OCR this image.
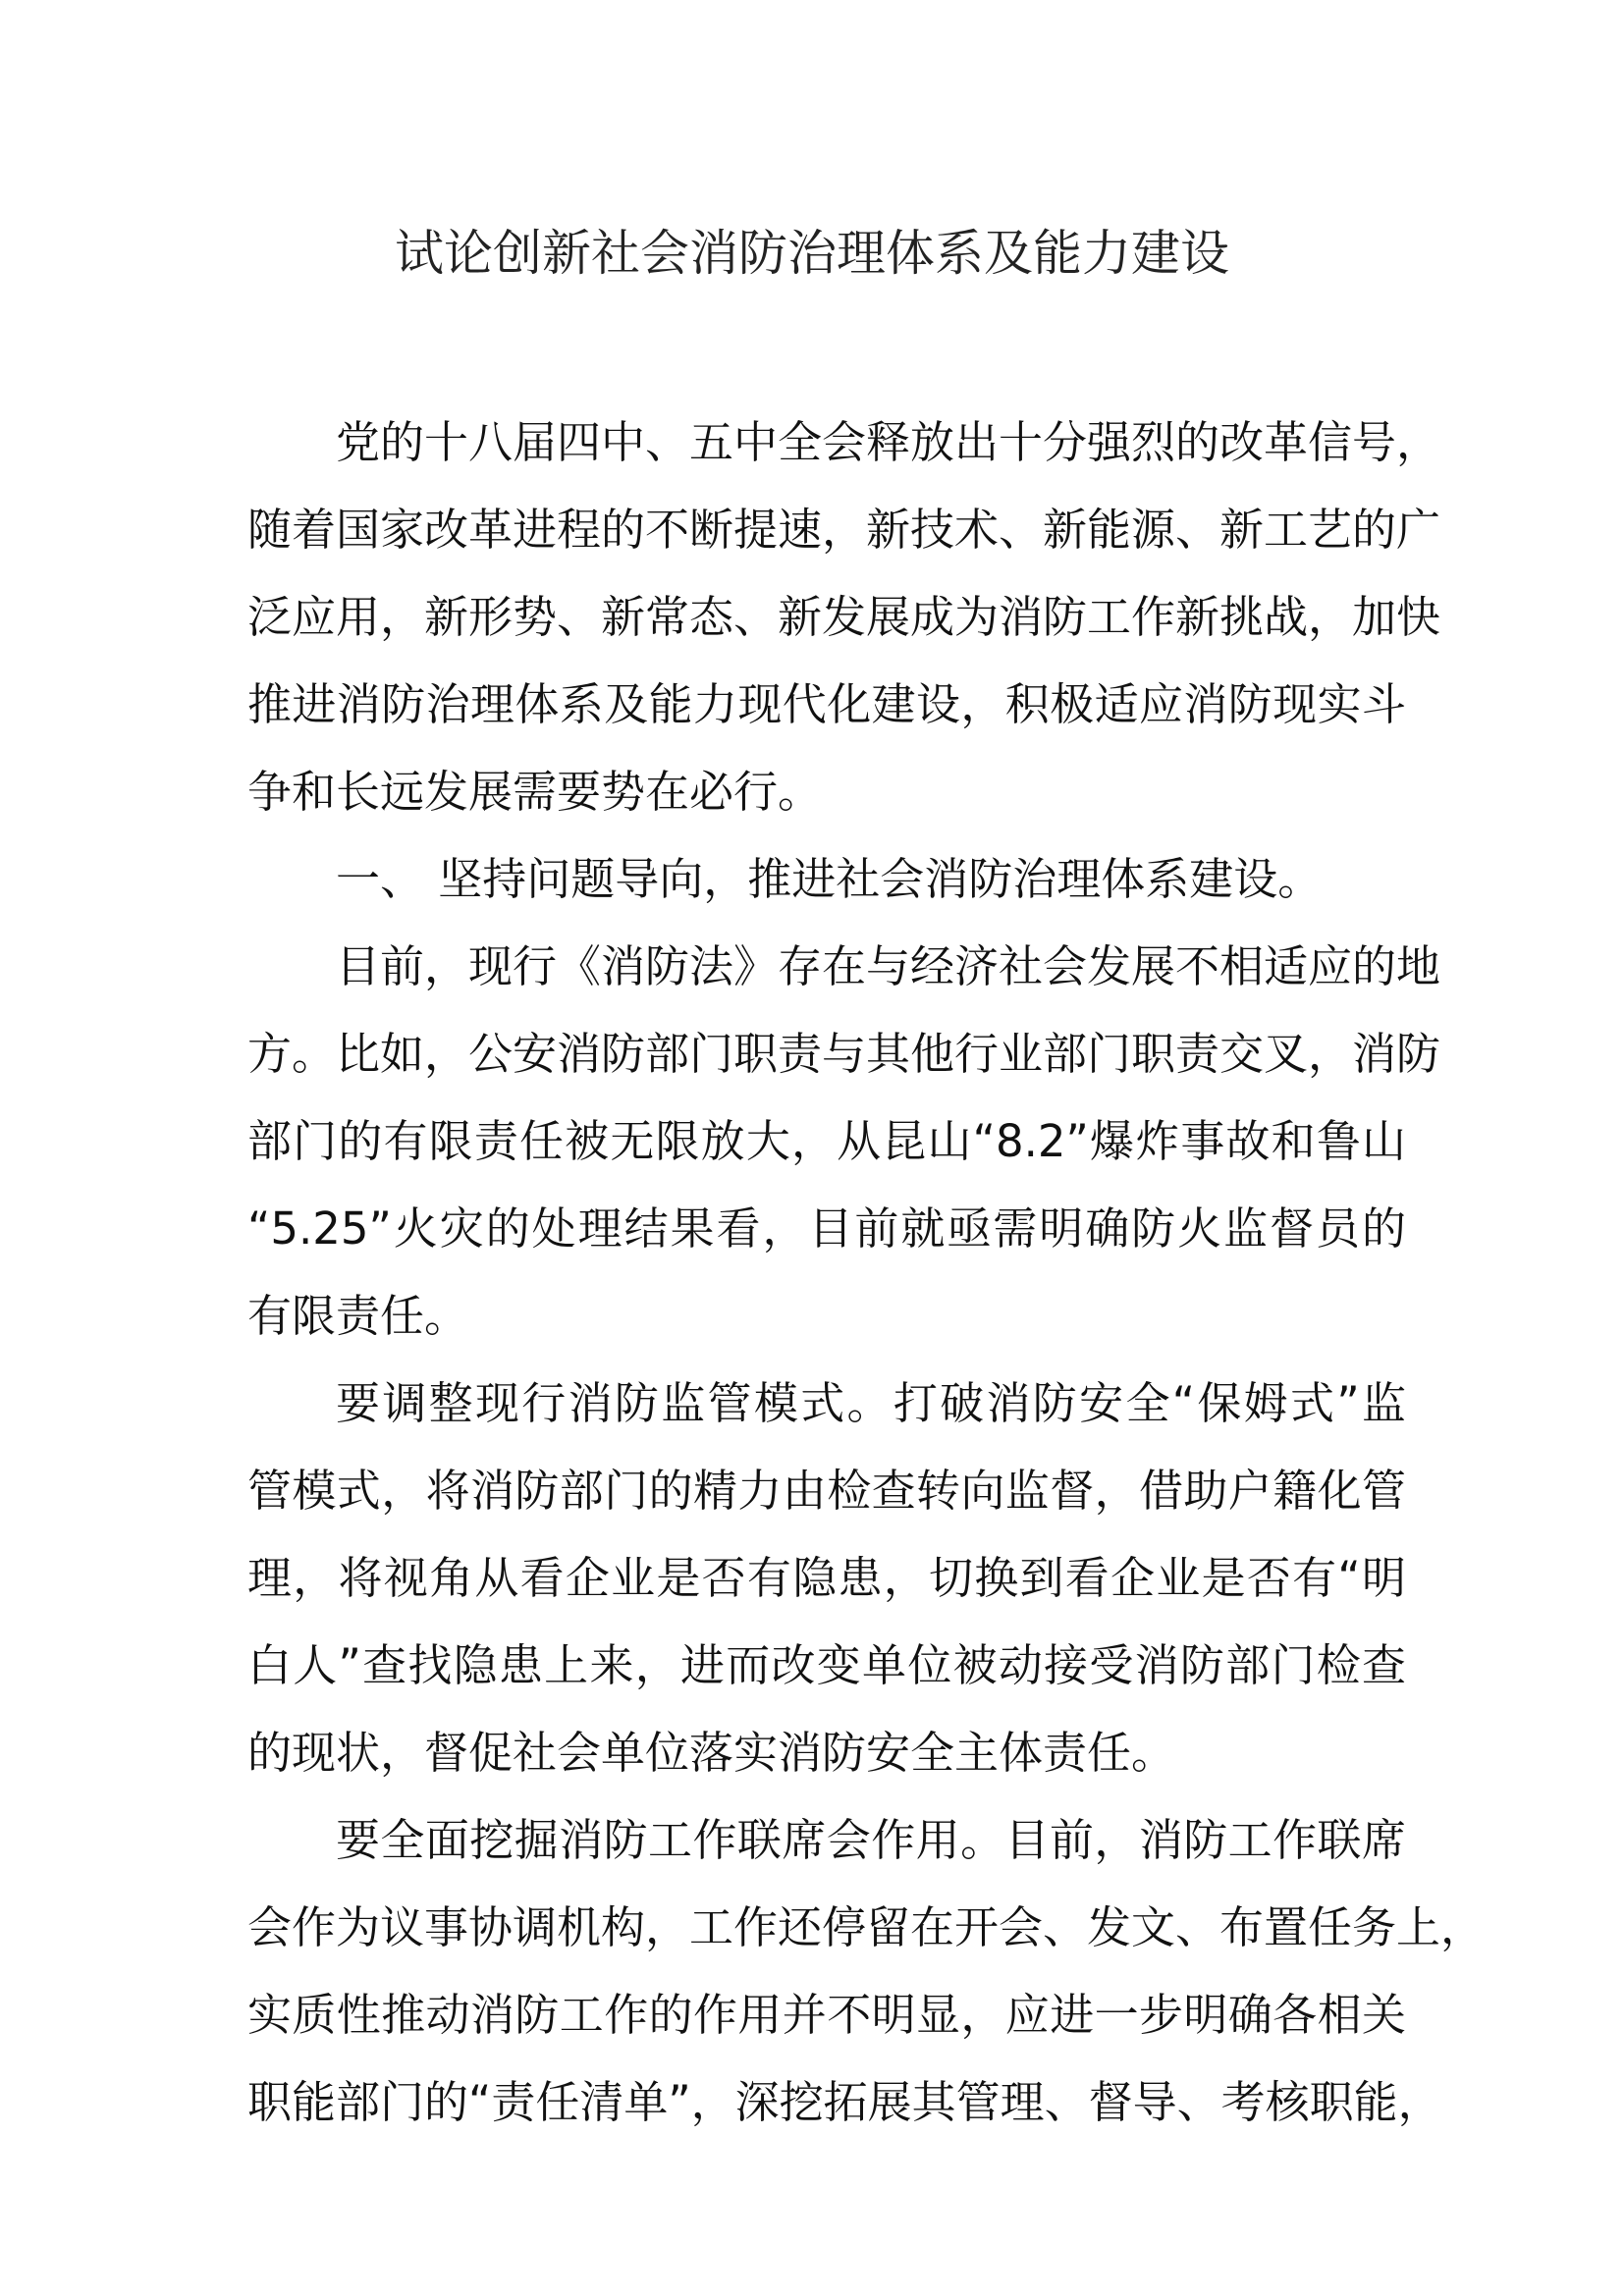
试论创新社会消防治理体系及能力建设
党的十八届四中、五中全会释放出十分强烈的改革信号，
随着国家改革进程的不断提速，新技术、新能源、新工艺的广
泛应用，新形势、新常态、新发展成为消防工作新挑战，加快
推进消防治理体系及能力现代化建设，积极适应消防现实斗
争和长远发展需要势在必行。
一、 坚持问题导向，推进社会消防治理体系建设。
目前，现行《消防法》存在与经济社会发展不相适应的地
方。比如，公安消防部门职责与其他行业部门职责交叉，消防
部门的有限责任被无限放大，从昆山“8.2”爆炸事故和鲁山
“5.25”火灾的处理结果看，目前就亟需明确防火监督员的
有限责任。
要调整现行消防监管模式。打破消防安全“保姆式”监
管模式，将消防部门的精力由检查转向监督，借助户籍化管
理，将视角从看企业是否有隐患，切换到看企业是否有“明
白人”查找隐患上来，进而改变单位被动接受消防部门检查
的现状，督促社会单位落实消防安全主体责任。
要全面挖掘消防工作联席会作用。目前，消防工作联席
会作为议事协调机构，工作还停留在开会、发文、布置任务上，
实质性推动消防工作的作用并不明显，应进一步明确各相关
职能部门的“责任清单”，深挖拓展其管理、督导、考核职能，
